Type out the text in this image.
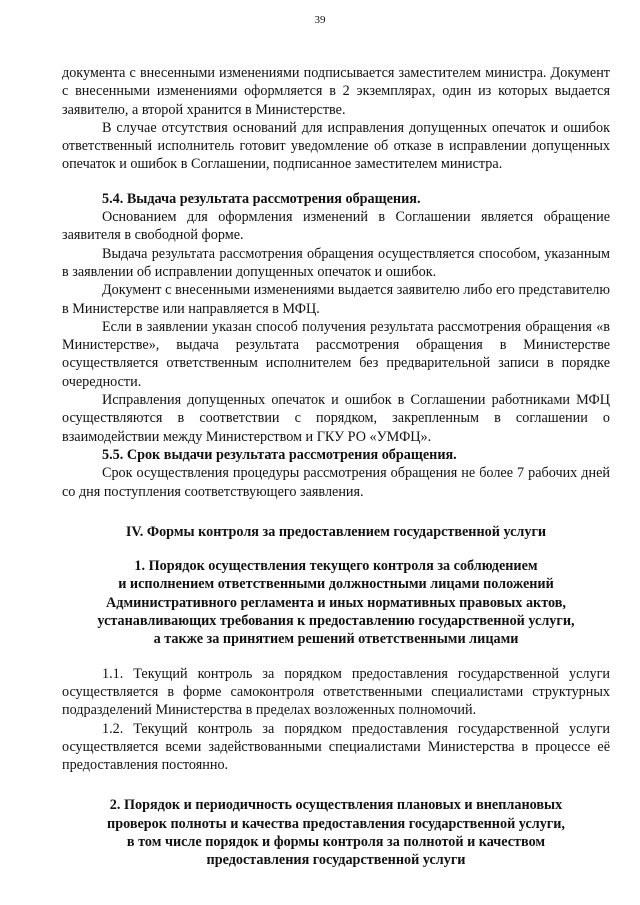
39

документа с внесенными изменениями подписывается заместителем министра. Документ с внесенными изменениями оформляется в 2 экземплярах, один из которых выдается заявителю, а второй хранится в Министерстве.

В случае отсутствия оснований для исправления допущенных опечаток и ошибок ответственный исполнитель готовит уведомление об отказе в исправлении допущенных опечаток и ошибок в Соглашении, подписанное заместителем министра.

5.4. Выдача результата рассмотрения обращения.

Основанием для оформления изменений в Соглашении является обращение заявителя в свободной форме.

Выдача результата рассмотрения обращения осуществляется способом, указанным в заявлении об исправлении допущенных опечаток и ошибок.

Документ с внесенными изменениями выдается заявителю либо его представителю в Министерстве или направляется в МФЦ.

Если в заявлении указан способ получения результата рассмотрения обращения «в Министерстве», выдача результата рассмотрения обращения в Министерстве осуществляется ответственным исполнителем без предварительной записи в порядке очередности.

Исправления допущенных опечаток и ошибок в Соглашении работниками МФЦ осуществляются в соответствии с порядком, закрепленным в соглашении о взаимодействии между Министерством и ГКУ РО «УМФЦ».

5.5. Срок выдачи результата рассмотрения обращения.

Срок осуществления процедуры рассмотрения обращения не более 7 рабочих дней со дня поступления соответствующего заявления.

IV. Формы контроля за предоставлением государственной услуги

1. Порядок осуществления текущего контроля за соблюдением
и исполнением ответственными должностными лицами положений
Административного регламента и иных нормативных правовых актов,
устанавливающих требования к предоставлению государственной услуги,
а также за принятием решений ответственными лицами

1.1. Текущий контроль за порядком предоставления государственной услуги осуществляется в форме самоконтроля ответственными специалистами структурных подразделений Министерства в пределах возложенных полномочий.

1.2. Текущий контроль за порядком предоставления государственной услуги осуществляется всеми задействованными специалистами Министерства в процессе её предоставления постоянно.

2. Порядок и периодичность осуществления плановых и внеплановых
проверок полноты и качества предоставления государственной услуги,
в том числе порядок и формы контроля за полнотой и качеством
предоставления государственной услуги
